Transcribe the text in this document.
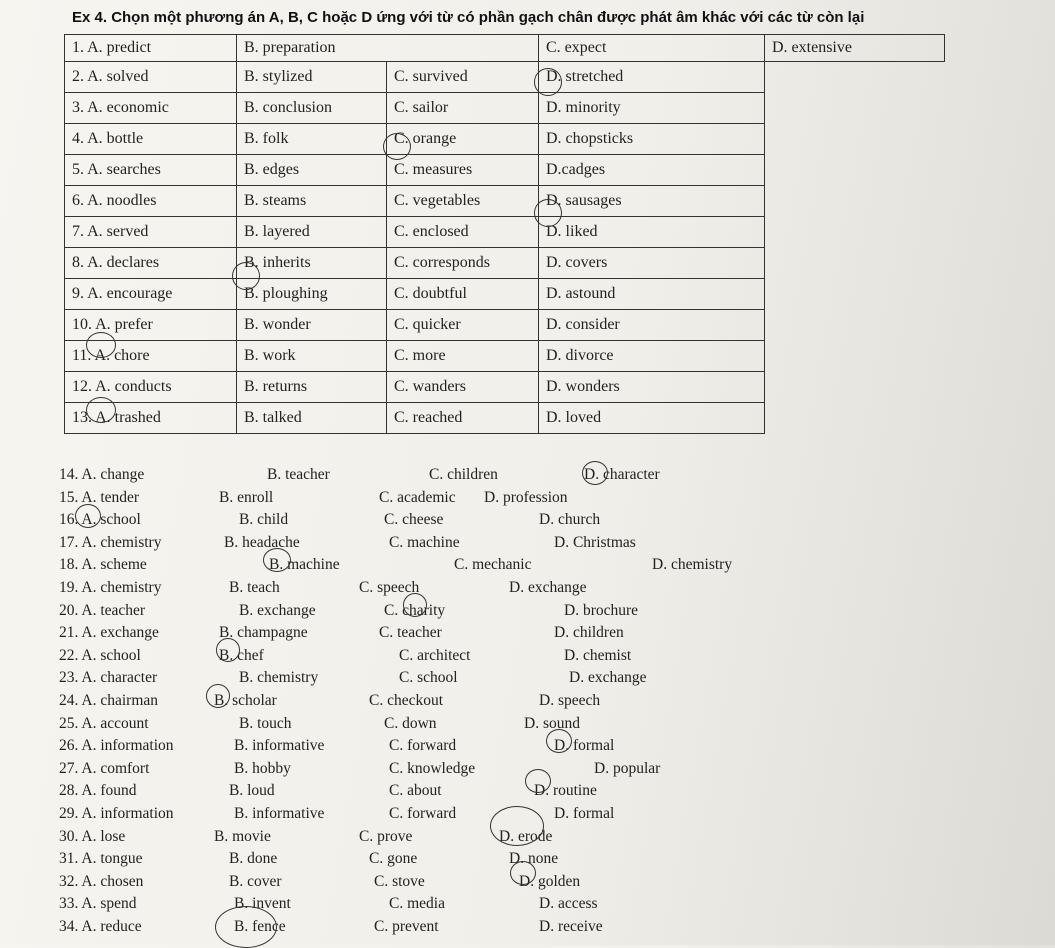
Ex 4. Chọn một phương án A, B, C hoặc D ứng với từ có phần gạch chân được phát âm khác với các từ còn lại
1. A. predict	B. preparation		C. expect	D. extensive
2. A. solved	B. stylized	C. survived	D. stretched	
3. A. economic	B. conclusion	C. sailor	D. minority	
4. A. bottle	B. folk	C. orange	D. chopsticks	
5. A. searches	B. edges	C. measures	D.cadges	
6. A. noodles	B. steams	C. vegetables	D. sausages	
7. A. served	B. layered	C. enclosed	D. liked	
8. A. declares	B. inherits	C. corresponds	D. covers	
9. A. encourage	B. ploughing	C. doubtful	D. astound	
10. A. prefer	B. wonder	C. quicker	D. consider	
11. A. chore	B. work	C. more	D. divorce	
12. A. conducts	B. returns	C. wanders	D. wonders	
13. A. trashed	B. talked	C. reached	D. loved	
14. A. change	B. teacher	C. children	D. character
15. A. tender	B. enroll	C. academic D. profession
16. A. school	B. child	C. cheese	D. church
17. A. chemistry	B. headache	C. machine	D. Christmas
18. A. scheme	B. machine	C. mechanic	D. chemistry
19. A. chemistry	B. teach	C. speech	D. exchange
20. A. teacher	B. exchange	C. charity	D. brochure
21. A. exchange	B. champagne	C. teacher	D. children
22. A. school	B. chef	C. architect	D. chemist
23. A. character	B. chemistry	C. school	D. exchange
24. A. chairman	B. scholar	C. checkout	D. speech
25. A. account	B. touch	C. down	D. sound
26. A. information	B. informative	C. forward	D. formal
27. A. comfort	B. hobby	C. knowledge	D. popular
28. A. found	B. loud	C. about	D. routine
29. A. information	B. informative	C. forward	D. formal
30. A. lose	B. movie	C. prove	D. erode
31. A. tongue	B. done	C. gone	D. none
32. A. chosen	B. cover	C. stove	D. golden
33. A. spend	B. invent	C. media	D. access
34. A. reduce	B. fence	C. prevent	D. receive
